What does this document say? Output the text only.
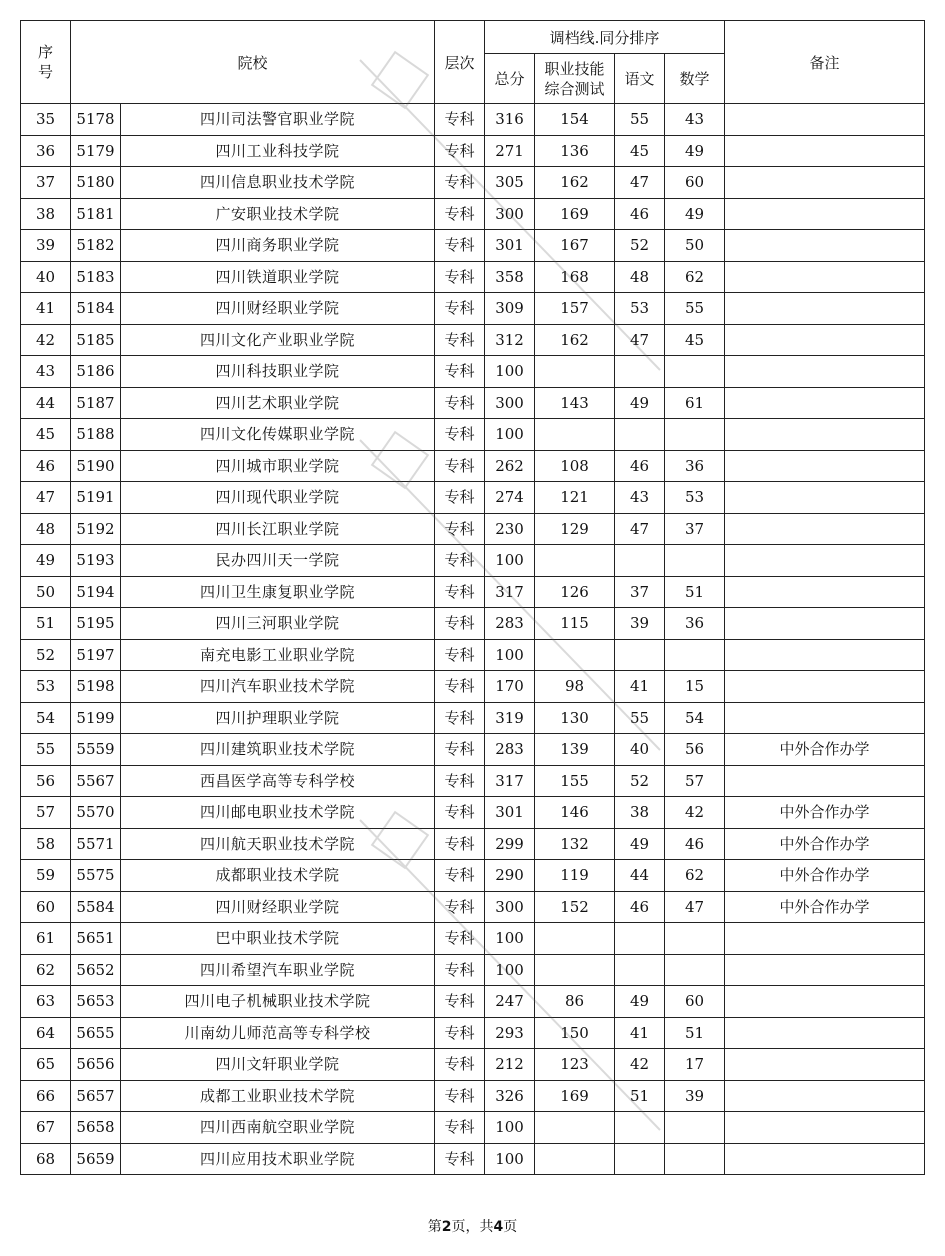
序号	院校		层次	调档线.同分排序				备注
				总分	职业技能综合测试	语文	数学	
35	5178	四川司法警官职业学院	专科	316	154	55	43	
36	5179	四川工业科技学院	专科	271	136	45	49	
37	5180	四川信息职业技术学院	专科	305	162	47	60	
38	5181	广安职业技术学院	专科	300	169	46	49	
39	5182	四川商务职业学院	专科	301	167	52	50	
40	5183	四川铁道职业学院	专科	358	168	48	62	
41	5184	四川财经职业学院	专科	309	157	53	55	
42	5185	四川文化产业职业学院	专科	312	162	47	45	
43	5186	四川科技职业学院	专科	100				
44	5187	四川艺术职业学院	专科	300	143	49	61	
45	5188	四川文化传媒职业学院	专科	100				
46	5190	四川城市职业学院	专科	262	108	46	36	
47	5191	四川现代职业学院	专科	274	121	43	53	
48	5192	四川长江职业学院	专科	230	129	47	37	
49	5193	民办四川天一学院	专科	100				
50	5194	四川卫生康复职业学院	专科	317	126	37	51	
51	5195	四川三河职业学院	专科	283	115	39	36	
52	5197	南充电影工业职业学院	专科	100				
53	5198	四川汽车职业技术学院	专科	170	98	41	15	
54	5199	四川护理职业学院	专科	319	130	55	54	
55	5559	四川建筑职业技术学院	专科	283	139	40	56	中外合作办学
56	5567	西昌医学高等专科学校	专科	317	155	52	57	
57	5570	四川邮电职业技术学院	专科	301	146	38	42	中外合作办学
58	5571	四川航天职业技术学院	专科	299	132	49	46	中外合作办学
59	5575	成都职业技术学院	专科	290	119	44	62	中外合作办学
60	5584	四川财经职业学院	专科	300	152	46	47	中外合作办学
61	5651	巴中职业技术学院	专科	100				
62	5652	四川希望汽车职业学院	专科	100				
63	5653	四川电子机械职业技术学院	专科	247	86	49	60	
64	5655	川南幼儿师范高等专科学校	专科	293	150	41	51	
65	5656	四川文轩职业学院	专科	212	123	42	17	
66	5657	成都工业职业技术学院	专科	326	169	51	39	
67	5658	四川西南航空职业学院	专科	100				
68	5659	四川应用技术职业学院	专科	100				
第2页，共4页
